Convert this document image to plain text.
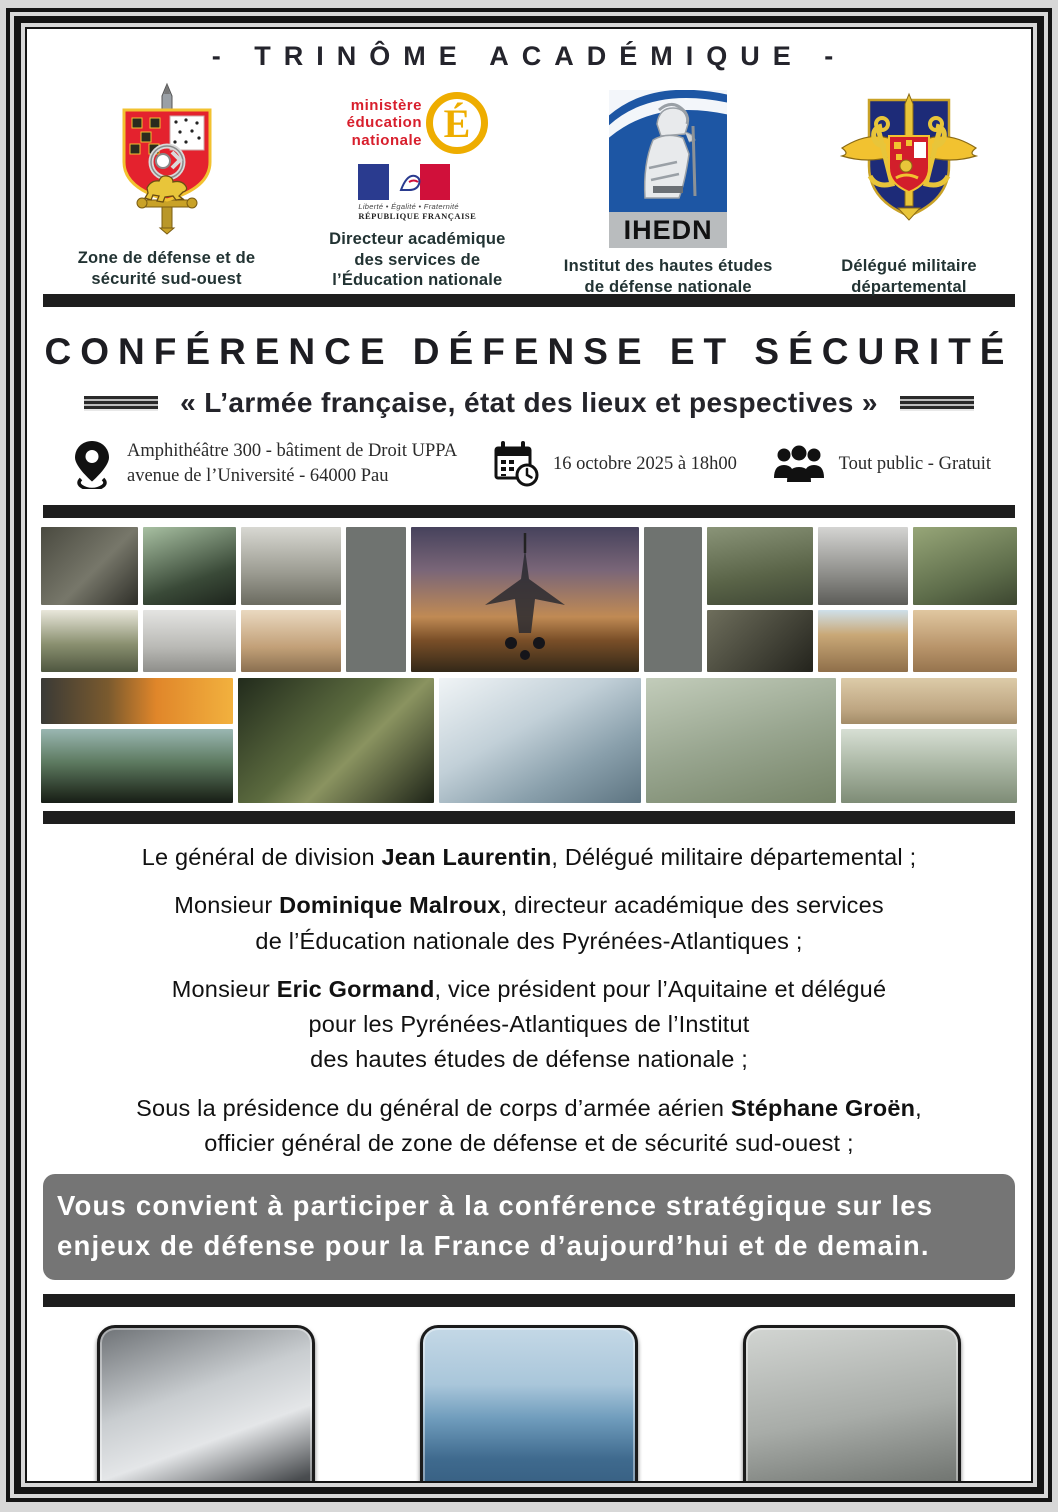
- TRINÔME ACADÉMIQUE -
Zone de défense et de sécurité sud-ouest
ministère
éducation
nationale É
Liberté • Égalité • Fraternité
RÉPUBLIQUE FRANÇAISE
Directeur académique des services de l’Éducation nationale
IHEDN
Institut des hautes études de défense nationale
Délégué militaire départemental
CONFÉRENCE DÉFENSE ET SÉCURITÉ
« L’armée française, état des lieux et pespectives »
Amphithéâtre 300 - bâtiment de Droit UPPA
avenue de l’Université - 64000 Pau
16 octobre 2025 à 18h00	Tout public - Gratuit
Le général de division Jean Laurentin, Délégué militaire départemental ;
Monsieur Dominique Malroux, directeur académique des services
de l’Éducation nationale des Pyrénées-Atlantiques ;
Monsieur Eric Gormand, vice président pour l’Aquitaine et délégué
pour les Pyrénées-Atlantiques de l’Institut
des hautes études de défense nationale ;
Sous la présidence du général de corps d’armée aérien Stéphane Groën,
officier général de zone de défense et de sécurité sud-ouest ;
Vous convient à participer à la conférence stratégique sur les
enjeux de défense pour la France d’aujourd’hui et de demain.
